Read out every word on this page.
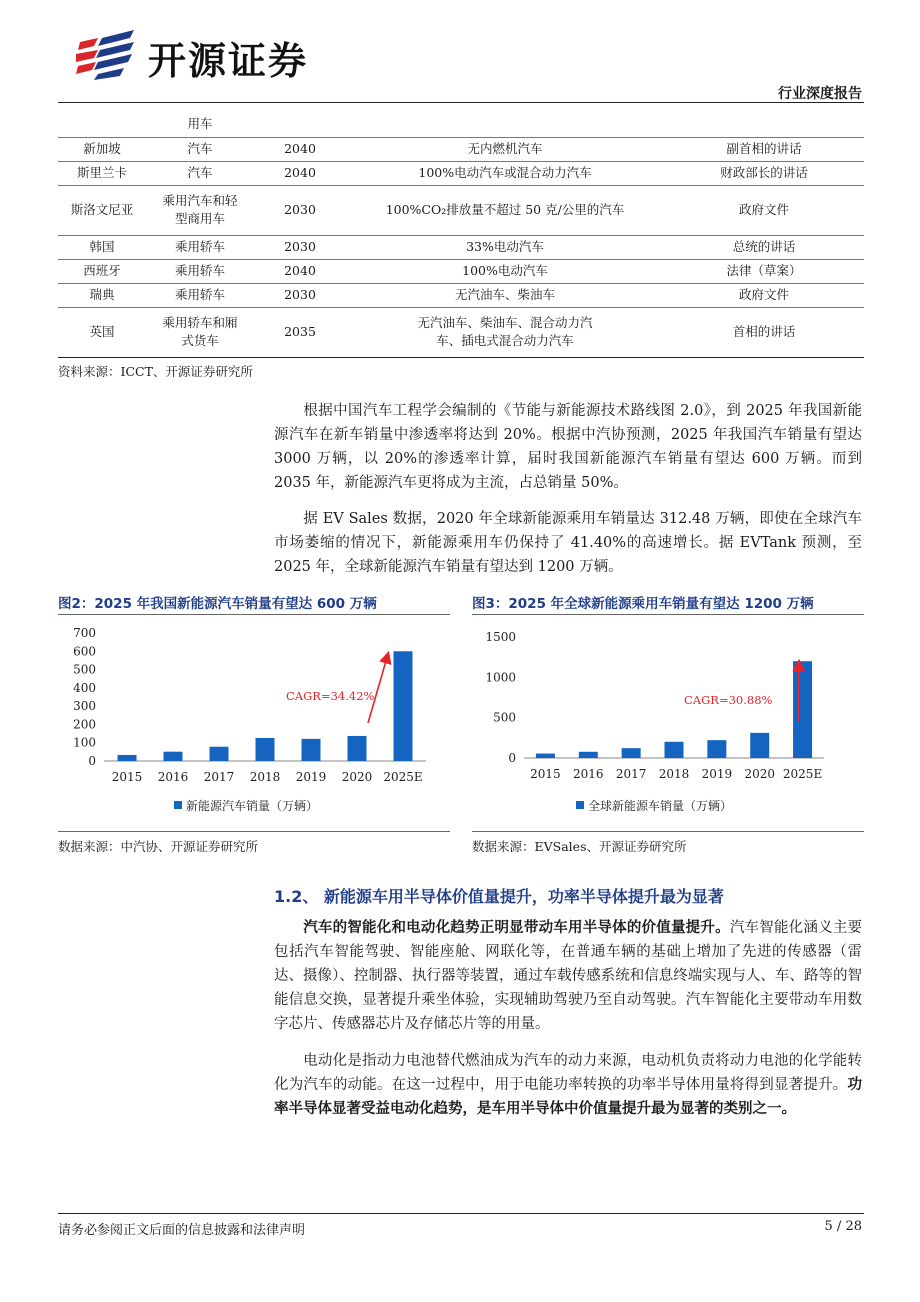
开源证券
行业深度报告
	用车			
新加坡	汽车	2040	无内燃机汽车	副首相的讲话
斯里兰卡	汽车	2040	100%电动汽车或混合动力汽车	财政部长的讲话
斯洛文尼亚	乘用汽车和轻型商用车	2030	100%CO₂排放量不超过 50 克/公里的汽车	政府文件
韩国	乘用轿车	2030	33%电动汽车	总统的讲话
西班牙	乘用轿车	2040	100%电动汽车	法律（草案）
瑞典	乘用轿车	2030	无汽油车、柴油车	政府文件
英国	乘用轿车和厢式货车	2035	无汽油车、柴油车、混合动力汽车、插电式混合动力汽车	首相的讲话
资料来源：ICCT、开源证券研究所
根据中国汽车工程学会编制的《节能与新能源技术路线图 2.0》，到 2025 年我国新能源汽车在新车销量中渗透率将达到 20%。根据中汽协预测，2025 年我国汽车销量有望达 3000 万辆，以 20%的渗透率计算，届时我国新能源汽车销量有望达 600 万辆。而到 2035 年，新能源汽车更将成为主流，占总销量 50%。
据 EV Sales 数据，2020 年全球新能源乘用车销量达 312.48 万辆，即使在全球汽车市场萎缩的情况下，新能源乘用车仍保持了 41.40%的高速增长。据 EVTank 预测，至 2025 年，全球新能源汽车销量有望达到 1200 万辆。
图2：2025 年我国新能源汽车销量有望达 600 万辆
0
100
200
300
400
500
600
700
2015 2016 2017 2018 2019 2020 2025E
CAGR=34.42%
新能源汽车销量（万辆）
数据来源：中汽协、开源证券研究所
图3：2025 年全球新能源乘用车销量有望达 1200 万辆
0
500
1000
1500
2015 2016 2017 2018 2019 2020 2025E
CAGR=30.88%
全球新能源车销量（万辆）
数据来源：EVSales、开源证券研究所
1.2、 新能源车用半导体价值量提升，功率半导体提升最为显著
汽车的智能化和电动化趋势正明显带动车用半导体的价值量提升。汽车智能化涵义主要包括汽车智能驾驶、智能座舱、网联化等，在普通车辆的基础上增加了先进的传感器（雷达、摄像）、控制器、执行器等装置，通过车载传感系统和信息终端实现与人、车、路等的智能信息交换，显著提升乘坐体验，实现辅助驾驶乃至自动驾驶。汽车智能化主要带动车用数字芯片、传感器芯片及存储芯片等的用量。
电动化是指动力电池替代燃油成为汽车的动力来源，电动机负责将动力电池的化学能转化为汽车的动能。在这一过程中，用于电能功率转换的功率半导体用量将得到显著提升。功率半导体显著受益电动化趋势，是车用半导体中价值量提升最为显著的类别之一。
请务必参阅正文后面的信息披露和法律声明	5 / 28
